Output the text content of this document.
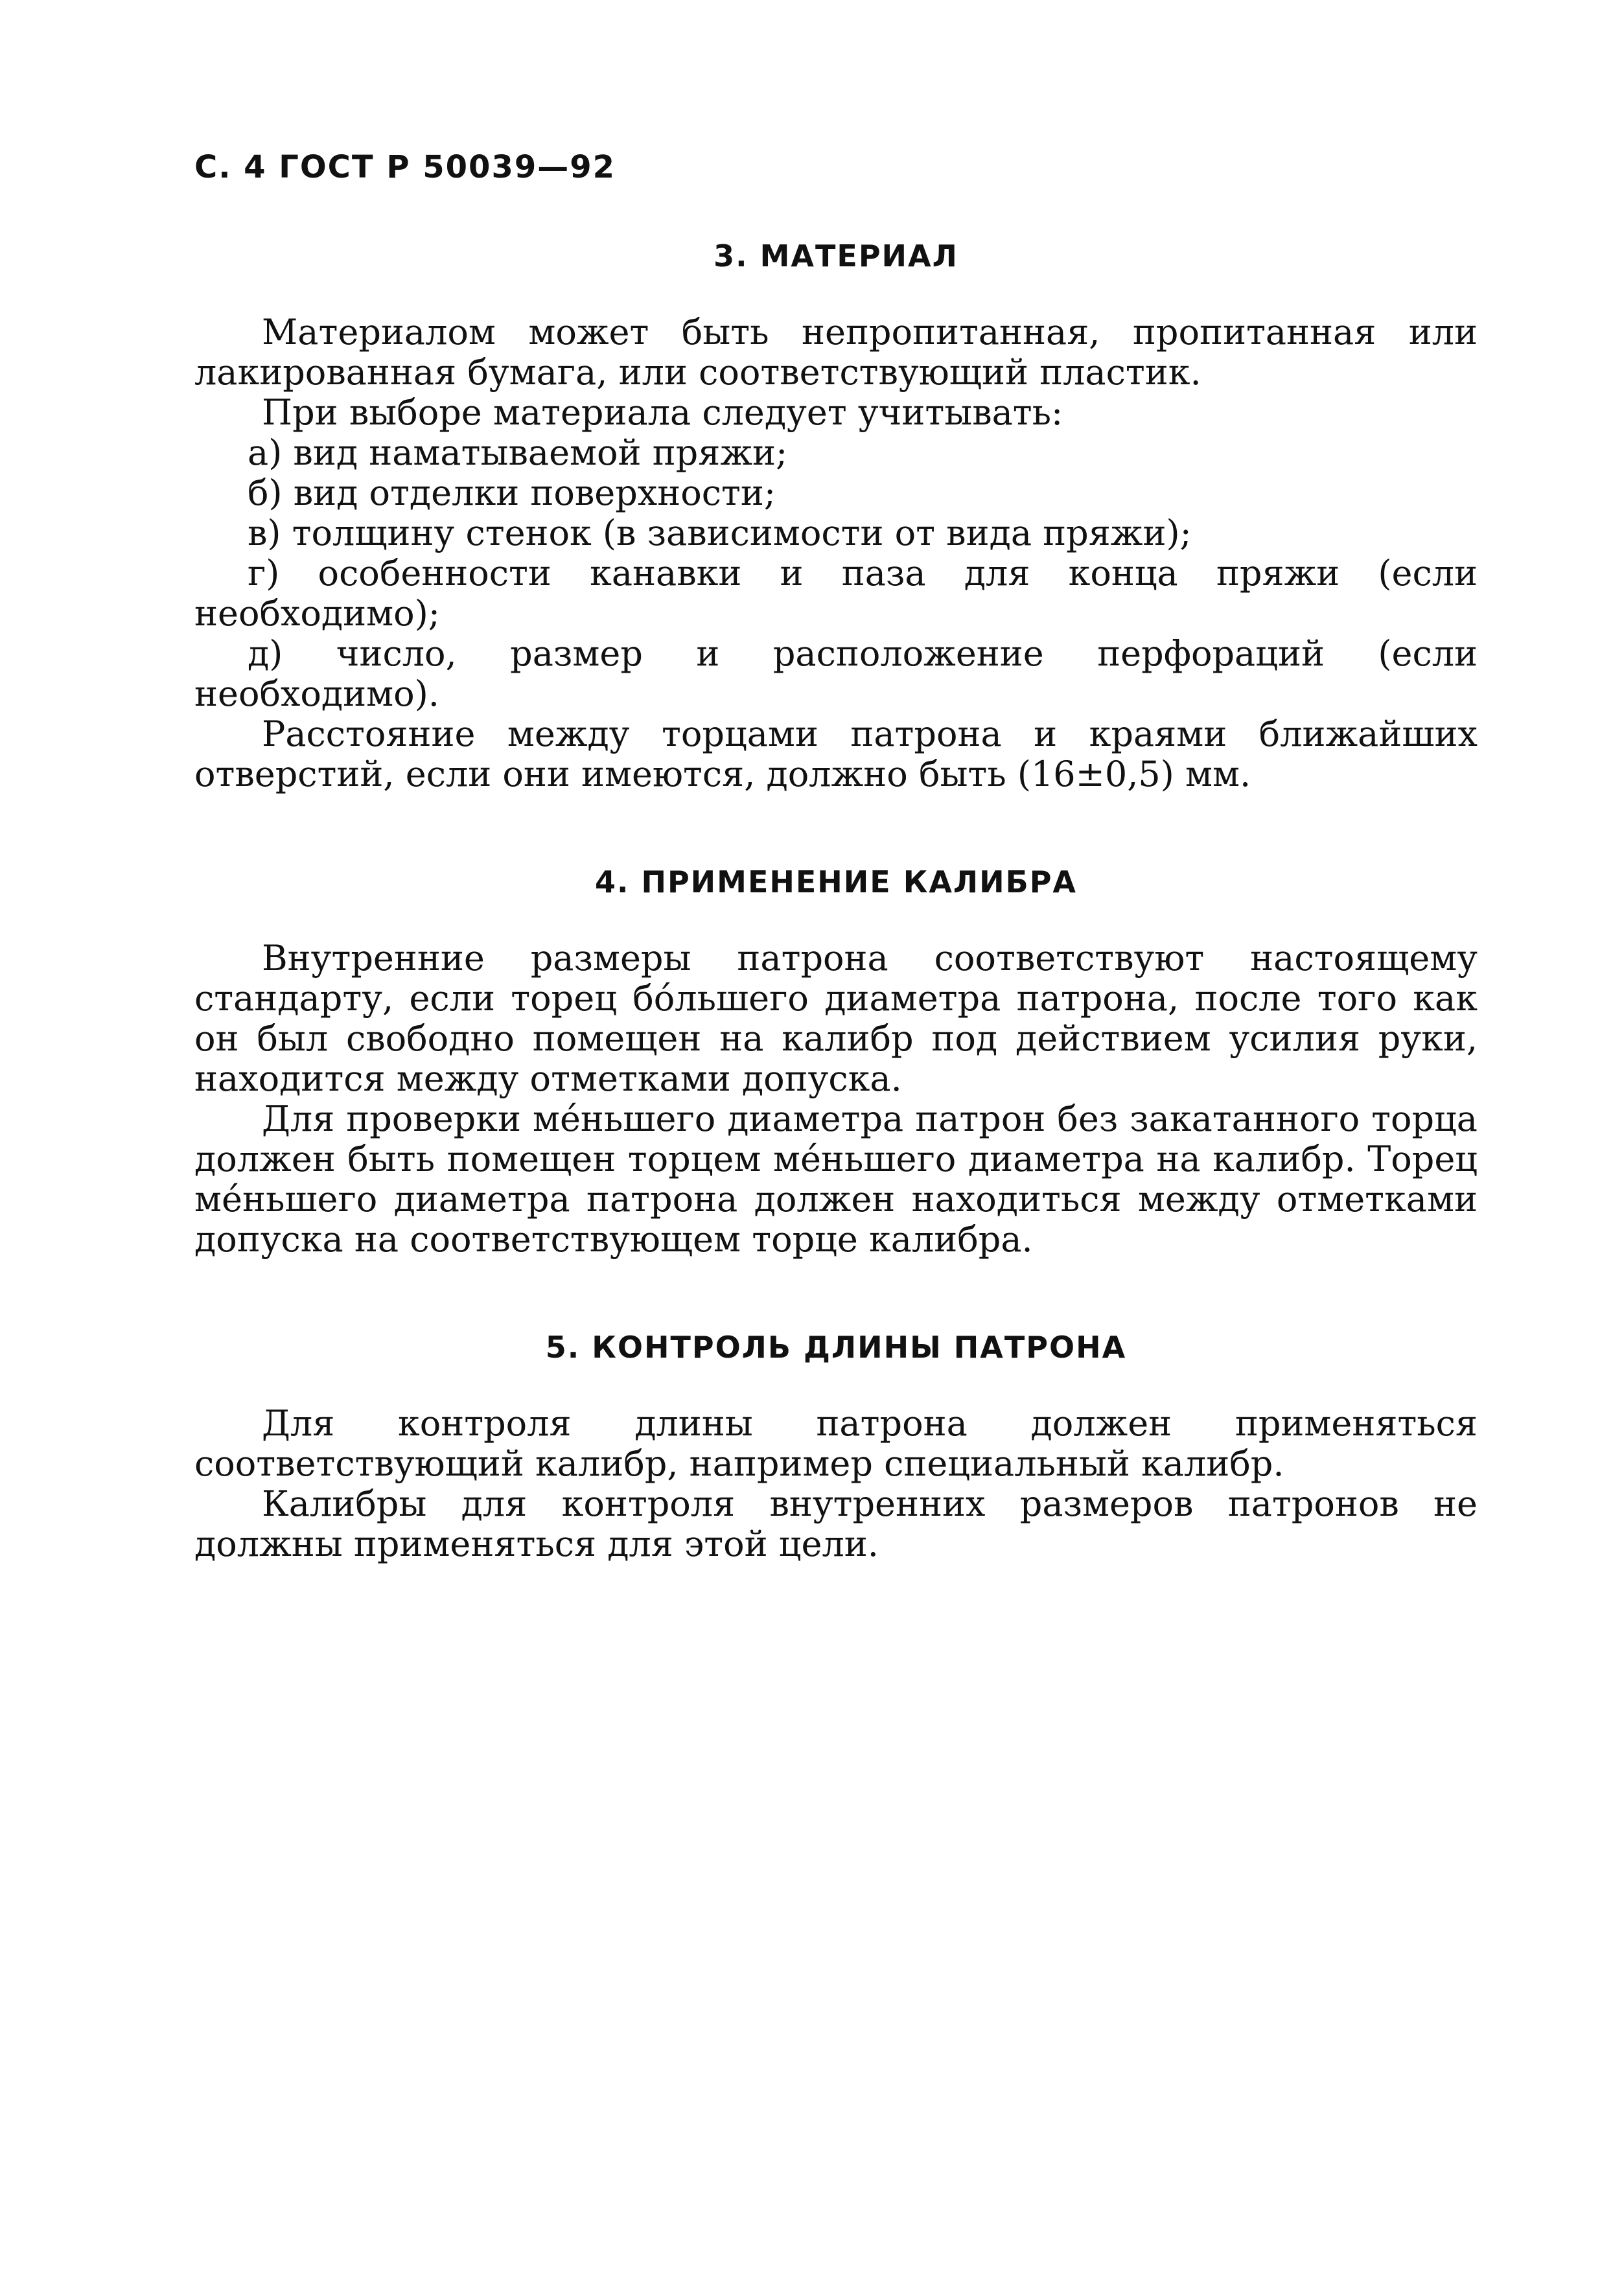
С. 4 ГОСТ Р 50039—92
3. МАТЕРИАЛ

Материалом может быть непропитанная, пропитанная или лакированная бумага, или соответствующий пластик.

При выборе материала следует учитывать:

а) вид наматываемой пряжи;

б) вид отделки поверхности;

в) толщину стенок (в зависимости от вида пряжи);

г) особенности канавки и паза для конца пряжи (если необходимо);

д) число, размер и расположение перфораций (если необходимо).

Расстояние между торцами патрона и краями ближайших отверстий, если они имеются, должно быть (16±0,5) мм.

4. ПРИМЕНЕНИЕ КАЛИБРА

Внутренние размеры патрона соответствуют настоящему стандарту, если торец бóльшего диаметра патрона, после того как он был свободно помещен на калибр под действием усилия руки, находится между отметками допуска.

Для проверки мéньшего диаметра патрон без закатанного торца должен быть помещен торцем мéньшего диаметра на калибр. Торец мéньшего диаметра патрона должен находиться между отметками допуска на соответствующем торце калибра.

5. КОНТРОЛЬ ДЛИНЫ ПАТРОНА

Для контроля длины патрона должен применяться соответствующий калибр, например специальный калибр.

Калибры для контроля внутренних размеров патронов не должны применяться для этой цели.
